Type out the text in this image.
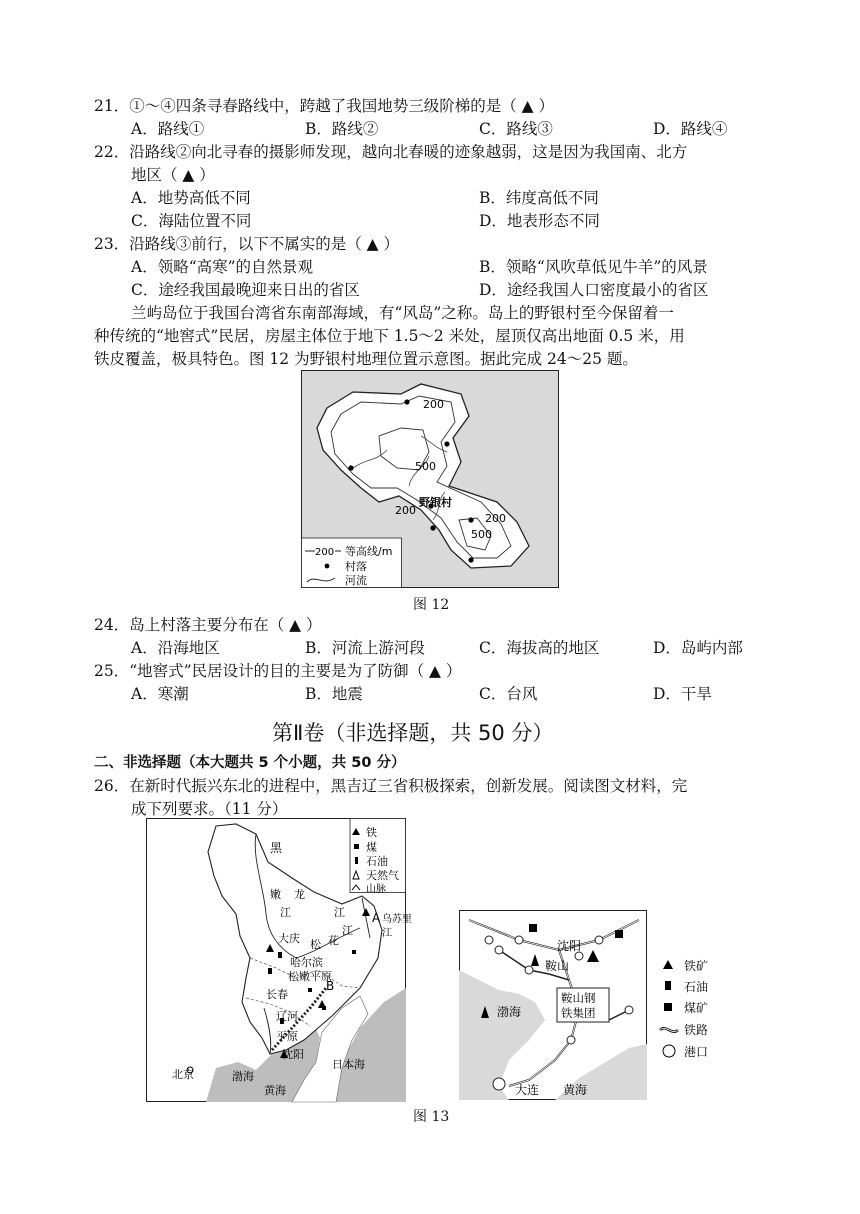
21．①～④四条寻春路线中，跨越了我国地势三级阶梯的是（ ▲ ）
A．路线①	B．路线②	C．路线③	D．路线④
22．沿路线②向北寻春的摄影师发现，越向北春暖的迹象越弱，这是因为我国南、北方
地区（ ▲ ）
A．地势高低不同	B．纬度高低不同
C．海陆位置不同	D．地表形态不同
23．沿路线③前行，以下不属实的是（ ▲ ）
A．领略“高寒”的自然景观	B．领略“风吹草低见牛羊”的风景
C．途经我国最晚迎来日出的省区	D．途经我国人口密度最小的省区
兰屿岛位于我国台湾省东南部海域，有“风岛”之称。岛上的野银村至今保留着一
种传统的“地窖式”民居，房屋主体位于地下 1.5～2 米处，屋顶仅高出地面 0.5 米，用
铁皮覆盖，极具特色。图 12 为野银村地理位置示意图。据此完成 24～25 题。
200
500
200
200
500
野银村
200 等高线/m
村落
河流
图 12
24．岛上村落主要分布在（ ▲ ）
A．沿海地区	B．河流上游河段	C．海拔高的地区	D．岛屿内部
25．“地窖式”民居设计的目的主要是为了防御（ ▲ ）
A．寒潮	B．地震	C．台风	D．干旱
第Ⅱ卷（非选择题，共 50 分）
二、非选择题（本大题共 5 个小题，共 50 分）
26．在新时代振兴东北的进程中，黑吉辽三省积极探索，创新发展。阅读图文材料，完
成下列要求。（11 分）
黑
嫩 龙
江	江
大庆 松 花
江
哈尔滨
松嫩平原
长春
辽河
平原
沈阳
北京	渤海
黄海
日本海
A
B
乌苏里
江
铁
煤
石油
天然气
山脉
沈阳
鞍山
鞍山钢
铁集团
渤海
大连 黄海
铁矿
石油
煤矿
铁路
港口
图 13
